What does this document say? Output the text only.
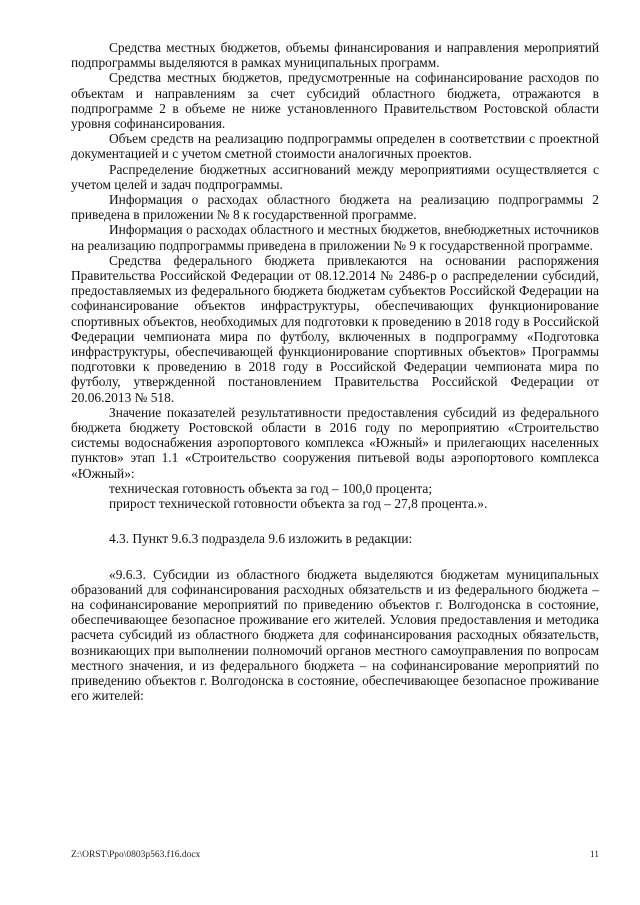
Средства местных бюджетов, объемы финансирования и направления мероприятий подпрограммы выделяются в рамках муниципальных программ.

Средства местных бюджетов, предусмотренные на софинансирование расходов по объектам и направлениям за счет субсидий областного бюджета, отражаются в подпрограмме 2 в объеме не ниже установленного Правительством Ростовской области уровня софинансирования.

Объем средств на реализацию подпрограммы определен в соответствии с проектной документацией и с учетом сметной стоимости аналогичных проектов.

Распределение бюджетных ассигнований между мероприятиями осуществляется с учетом целей и задач подпрограммы.

Информация о расходах областного бюджета на реализацию подпрограммы 2 приведена в приложении № 8 к государственной программе.

Информация о расходах областного и местных бюджетов, внебюджетных источников на реализацию подпрограммы приведена в приложении № 9 к государственной программе.

Средства федерального бюджета привлекаются на основании распоряжения Правительства Российской Федерации от 08.12.2014 № 2486-р о распределении субсидий, предоставляемых из федерального бюджета бюджетам субъектов Российской Федерации на софинансирование объектов инфраструктуры, обеспечивающих функционирование спортивных объектов, необходимых для подготовки к проведению в 2018 году в Российской Федерации чемпионата мира по футболу, включенных в подпрограмму «Подготовка инфраструктуры, обеспечивающей функционирование спортивных объектов» Программы подготовки к проведению в 2018 году в Российской Федерации чемпионата мира по футболу, утвержденной постановлением Правительства Российской Федерации от 20.06.2013 № 518.

Значение показателей результативности предоставления субсидий из федерального бюджета бюджету Ростовской области в 2016 году по мероприятию «Строительство системы водоснабжения аэропортового комплекса «Южный» и прилегающих населенных пунктов» этап 1.1 «Строительство сооружения питьевой воды аэропортового комплекса «Южный»:

техническая готовность объекта за год – 100,0 процента;

прирост технической готовности объекта за год – 27,8 процента.».

4.3. Пункт 9.6.3 подраздела 9.6 изложить в редакции:

«9.6.3. Субсидии из областного бюджета выделяются бюджетам муниципальных образований для софинансирования расходных обязательств и из федерального бюджета – на софинансирование мероприятий по приведению объектов г. Волгодонска в состояние, обеспечивающее безопасное проживание его жителей. Условия предоставления и методика расчета субсидий из областного бюджета для софинансирования расходных обязательств, возникающих при выполнении полномочий органов местного самоуправления по вопросам местного значения, и из федерального бюджета – на софинансирование мероприятий по приведению объектов г. Волгодонска в состояние, обеспечивающее безопасное проживание его жителей:

Z:\ORST\Ppo\0803p563.f16.docx	11
